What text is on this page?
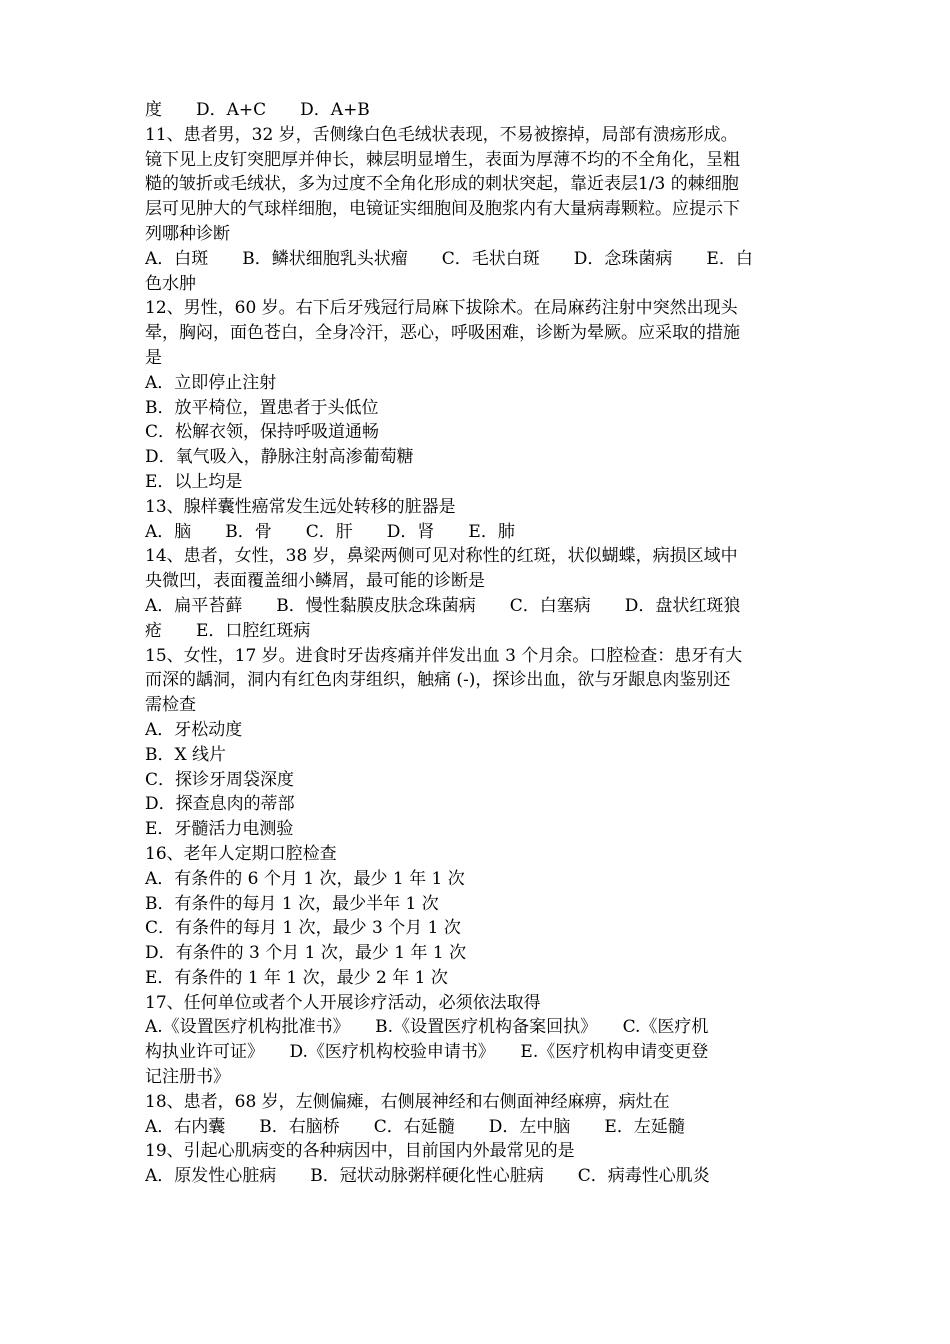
度　　D．A+C　　D．A+B
11、患者男，32 岁，舌侧缘白色毛绒状表现，不易被擦掉，局部有溃疡形成。
镜下见上皮钉突肥厚并伸长，棘层明显增生，表面为厚薄不均的不全角化，呈粗
糙的皱折或毛绒状，多为过度不全角化形成的刺状突起，靠近表层1/3 的棘细胞
层可见肿大的气球样细胞，电镜证实细胞间及胞浆内有大量病毒颗粒。应提示下
列哪种诊断
A．白斑　　B．鳞状细胞乳头状瘤　　C．毛状白斑　　D．念珠菌病　　E．白
色水肿
12、男性，60 岁。右下后牙残冠行局麻下拔除术。在局麻药注射中突然出现头
晕，胸闷，面色苍白，全身冷汗，恶心，呼吸困难，诊断为晕厥。应采取的措施
是
A．立即停止注射
B．放平椅位，置患者于头低位
C．松解衣领，保持呼吸道通畅
D．氧气吸入，静脉注射高渗葡萄糖
E．以上均是
13、腺样囊性癌常发生远处转移的脏器是
A．脑　　B．骨　　C．肝　　D．肾　　E．肺
14、患者，女性，38 岁，鼻梁两侧可见对称性的红斑，状似蝴蝶，病损区域中
央微凹，表面覆盖细小鳞屑，最可能的诊断是
A．扁平苔藓　　B．慢性黏膜皮肤念珠菌病　　C．白塞病　　D．盘状红斑狼
疮　　E．口腔红斑病
15、女性，17 岁。进食时牙齿疼痛并伴发出血 3 个月余。口腔检查：患牙有大
而深的龋洞，洞内有红色肉芽组织，触痛 (-)，探诊出血，欲与牙龈息肉鉴别还
需检查
A．牙松动度
B．X 线片
C．探诊牙周袋深度
D．探查息肉的蒂部
E．牙髓活力电测验
16、老年人定期口腔检查
A．有条件的 6 个月 1 次，最少 1 年 1 次
B．有条件的每月 1 次，最少半年 1 次
C．有条件的每月 1 次，最少 3 个月 1 次
D．有条件的 3 个月 1 次，最少 1 年 1 次
E．有条件的 1 年 1 次，最少 2 年 1 次
17、任何单位或者个人开展诊疗活动，必须依法取得
A.《设置医疗机构批准书》　　B.《设置医疗机构备案回执》　　C.《医疗机
构执业许可证》　　D.《医疗机构校验申请书》　　E.《医疗机构申请变更登
记注册书》
18、患者，68 岁，左侧偏瘫，右侧展神经和右侧面神经麻痹，病灶在
A．右内囊　　B．右脑桥　　C．右延髓　　D．左中脑　　E．左延髓
19、引起心肌病变的各种病因中，目前国内外最常见的是
A．原发性心脏病　　B．冠状动脉粥样硬化性心脏病　　C．病毒性心肌炎
